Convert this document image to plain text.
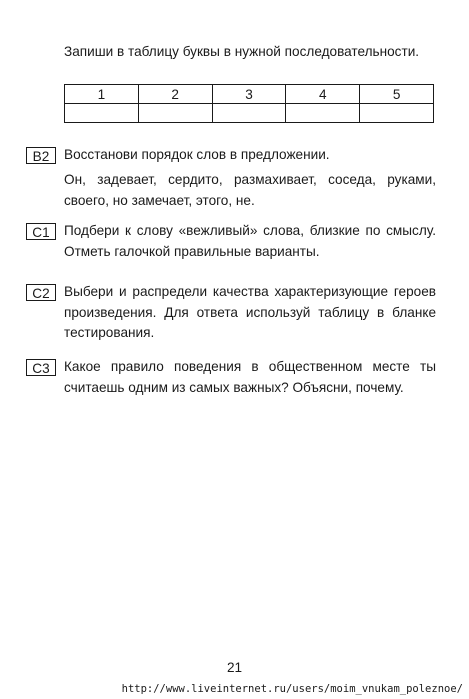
Запиши в таблицу буквы в нужной последовательности.
1	2	3	4	5

B2	Восстанови порядок слов в предложении.
Он, задевает, сердито, размахивает, соседа, руками, своего, но замечает, этого, не.
C1	Подбери к слову «вежливый» слова, близкие по смыслу. Отметь галочкой правильные варианты.
C2	Выбери и распредели качества характеризующие героев произведения. Для ответа используй таблицу в бланке тестирования.
C3	Какое правило поведения в общественном месте ты считаешь одним из самых важных? Объясни, почему.
21
http://www.liveinternet.ru/users/moim_vnukam_poleznoe/
